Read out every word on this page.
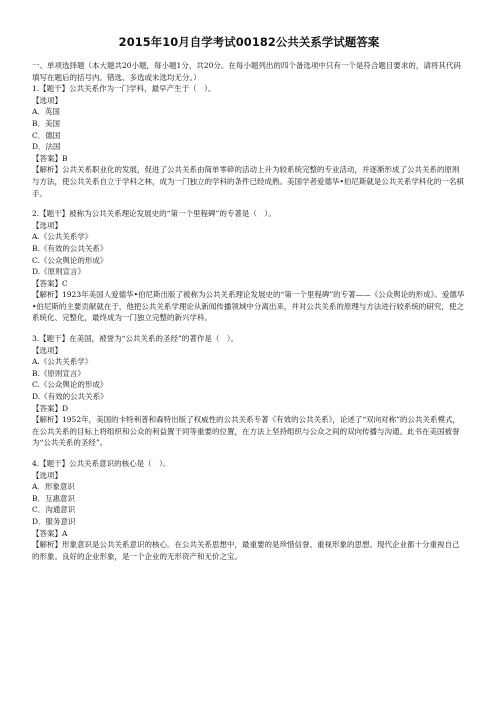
2015年10月自学考试00182公共关系学试题答案
一、单项选择题（本大题共20小题，每小题1分，共20分。在每小题列出的四个备选项中只有一个是符合题目要求的，请将其代码填写在题后的括号内。错选、多选或未选均无分。）
1.【题干】公共关系作为一门学科，最早产生于（　）。
【选项】
A．英国
B．美国
C．德国
D．法国
【答案】B
【解析】公共关系职业化的发展，促进了公共关系由简单零碎的活动上升为较系统完整的专业活动，并逐渐形成了公共关系的原则与方法，使公共关系自立于学科之林，成为一门独立的学科的条件已经成熟。美国学者爱德华•伯尼斯就是公共关系学科化的一名棋手。
2.【题干】被称为公共关系理论发展史的“第一个里程碑”的专著是（　）。
【选项】
A.《公共关系学》
B.《有效的公共关系》
C.《公众舆论的形成》
D.《原则宣言》
【答案】C
【解析】1923年美国人爱德华•伯尼斯出版了被称为公共关系理论发展史的“第一个里程碑”的专著——《公众舆论的形成》。爱德华•伯尼斯的主要贡献就在于，他把公共关系学理论从新闻传播领域中分离出来，并对公共关系的原理与方法进行较系统的研究，使之系统化、完整化，最终成为一门独立完整的新兴学科。
3.【题干】在美国，被誉为“公共关系的圣经”的著作是（　）。
【选项】
A.《公共关系学》
B.《原则宣言》
C.《公众舆论的形成》
D.《有效的公共关系》
【答案】D
【解析】1952年，美国的卡特利普和森特出版了权威性的公共关系专著《有效的公共关系》，论述了“双向对称”的公共关系模式，在公共关系的目标上将组织和公众的利益置于同等重要的位置，在方法上坚持组织与公众之间的双向传播与沟通。此书在美国被誉为“公共关系的圣经”。
4.【题干】公共关系意识的核心是（　）。
【选项】
A．形象意识
B．互惠意识
C．沟通意识
D．服务意识
【答案】A
【解析】形象意识是公共关系意识的核心。在公共关系思想中，最重要的是珍惜信誉、重视形象的思想。现代企业都十分重视自己的形象。良好的企业形象，是一个企业的无形资产和无价之宝。
